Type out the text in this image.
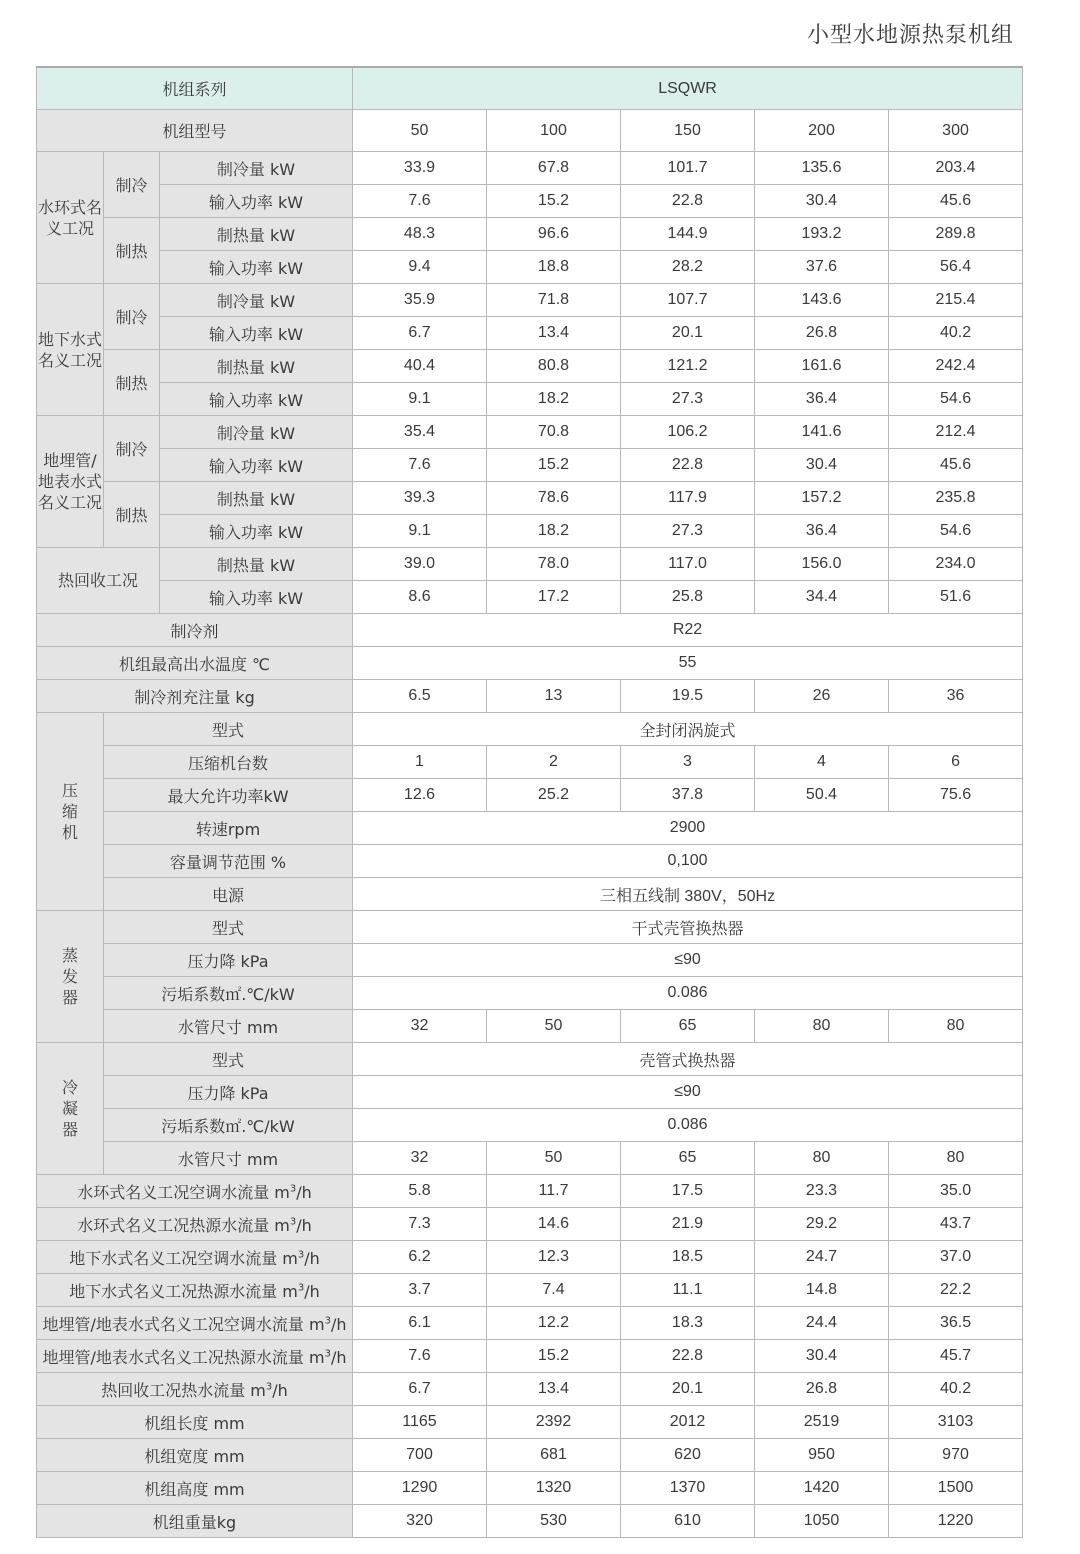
小型水地源热泵机组
机组系列			LSQWR				
机组型号			50	100	150	200	300
水环式名义工况	制冷	制冷量 kW	33.9	67.8	101.7	135.6	203.4
		输入功率 kW	7.6	15.2	22.8	30.4	45.6
	制热	制热量 kW	48.3	96.6	144.9	193.2	289.8
		输入功率 kW	9.4	18.8	28.2	37.6	56.4
地下水式名义工况	制冷	制冷量 kW	35.9	71.8	107.7	143.6	215.4
		输入功率 kW	6.7	13.4	20.1	26.8	40.2
	制热	制热量 kW	40.4	80.8	121.2	161.6	242.4
		输入功率 kW	9.1	18.2	27.3	36.4	54.6
地埋管/地表水式名义工况	制冷	制冷量 kW	35.4	70.8	106.2	141.6	212.4
		输入功率 kW	7.6	15.2	22.8	30.4	45.6
	制热	制热量 kW	39.3	78.6	117.9	157.2	235.8
		输入功率 kW	9.1	18.2	27.3	36.4	54.6
热回收工况		制热量 kW	39.0	78.0	117.0	156.0	234.0
		输入功率 kW	8.6	17.2	25.8	34.4	51.6
制冷剂			R22				
机组最高出水温度 ℃			55				
制冷剂充注量 kg			6.5	13	19.5	26	36
压缩机	型式		全封闭涡旋式				
	压缩机台数		1	2	3	4	6
	最大允许功率kW		12.6	25.2	37.8	50.4	75.6
	转速rpm		2900				
	容量调节范围 %		0,100				
	电源		三相五线制 380V，50Hz				
蒸发器	型式		干式壳管换热器				
	压力降 kPa		≤90				
	污垢系数㎡.℃/kW		0.086				
	水管尺寸 mm		32	50	65	80	80
冷凝器	型式		壳管式换热器				
	压力降 kPa		≤90				
	污垢系数㎡.℃/kW		0.086				
	水管尺寸 mm		32	50	65	80	80
水环式名义工况空调水流量 $m^3/h$			5.8	11.7	17.5	23.3	35.0
水环式名义工况热源水流量 $m^3/h$			7.3	14.6	21.9	29.2	43.7
地下水式名义工况空调水流量 $m^3/h$			6.2	12.3	18.5	24.7	37.0
地下水式名义工况热源水流量 $m^3/h$			3.7	7.4	11.1	14.8	22.2
地埋管/地表水式名义工况空调水流量 $m^3/h$			6.1	12.2	18.3	24.4	36.5
地埋管/地表水式名义工况热源水流量 $m^3/h$			7.6	15.2	22.8	30.4	45.7
热回收工况热水流量 $m^3/h$			6.7	13.4	20.1	26.8	40.2
机组长度 mm			1165	2392	2012	2519	3103
机组宽度 mm			700	681	620	950	970
机组高度 mm			1290	1320	1370	1420	1500
机组重量kg			320	530	610	1050	1220
